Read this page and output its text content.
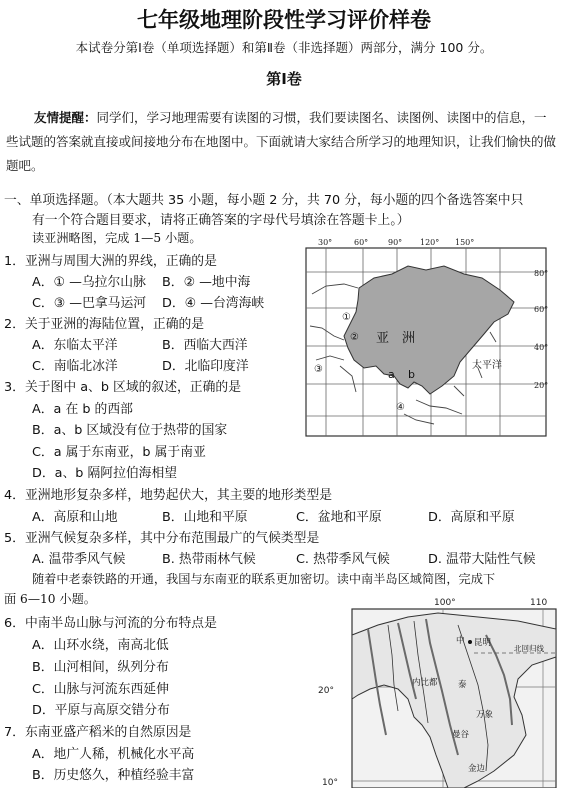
七年级地理阶段性学习评价样卷
本试卷分第Ⅰ卷（单项选择题）和第Ⅱ卷（非选择题）两部分，满分 100 分。
第Ⅰ卷
友情提醒：同学们，学习地理需要有读图的习惯，我们要读图名、读图例、读图中的信息，一些试题的答案就直接或间接地分布在地图中。下面就请大家结合所学习的地理知识，让我们愉快的做题吧。
一、单项选择题。（本大题共 35 小题，每小题 2 分，共 70 分，每小题的四个备选答案中只
有一个符合题目要求，请将正确答案的字母代号填涂在答题卡上。）
读亚洲略图，完成 1—5 小题。
1．亚洲与周围大洲的界线，正确的是
A．① —乌拉尔山脉 B．② —地中海
C．③ —巴拿马运河 D．④ —台湾海峡
2．关于亚洲的海陆位置，正确的是
A．东临太平洋	B．西临大西洋
C．南临北冰洋	D．北临印度洋
3．关于图中 a、b 区域的叙述，正确的是
A．a 在 b 的西部
B．a、b 区域没有位于热带的国家
C．a 属于东南亚，b 属于南亚
D．a、b 隔阿拉伯海相望
4．亚洲地形复杂多样，地势起伏大，其主要的地形类型是
A．高原和山地	B．山地和平原	C．盆地和平原	D．高原和平原
5．亚洲气候复杂多样，其中分布范围最广的气候类型是
A. 温带季风气候	B. 热带雨林气候	C. 热带季风气候	D. 温带大陆性气候
随着中老泰铁路的开通，我国与东南亚的联系更加密切。读中南半岛区域简图，完成下
面 6—10 小题。
6．中南半岛山脉与河流的分布特点是
A．山环水绕，南高北低
B．山河相间，纵列分布
C．山脉与河流东西延伸
D．平原与高原交错分布
7．东南亚盛产稻米的自然原因是
A．地广人稀，机械化水平高
B．历史悠久，种植经验丰富
30°	60° 90° 120° 150°
80°
60°
40°
20°
亚　洲
太平洋
①
②
③
④
a b
100°	110
20°
10°
中 昆明
北回归线
内比都 泰
万象
曼谷
金边
